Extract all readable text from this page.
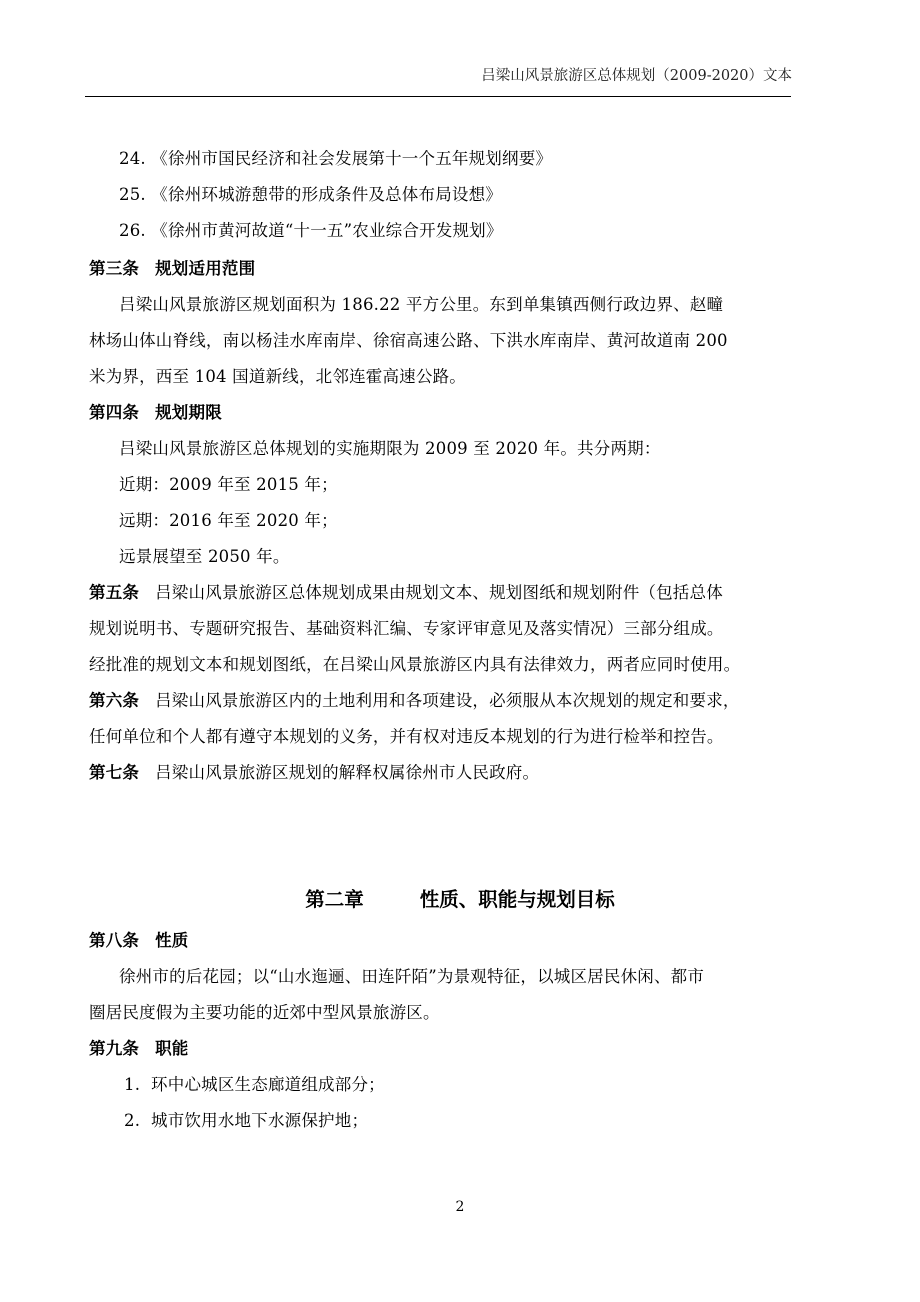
吕梁山风景旅游区总体规划（2009-2020）文本
24. 《徐州市国民经济和社会发展第十一个五年规划纲要》
25. 《徐州环城游憩带的形成条件及总体布局设想》
26. 《徐州市黄河故道“十一五”农业综合开发规划》
第三条 规划适用范围
吕梁山风景旅游区规划面积为 186.22 平方公里。东到单集镇西侧行政边界、赵疃
林场山体山脊线，南以杨洼水库南岸、徐宿高速公路、下洪水库南岸、黄河故道南 200
米为界，西至 104 国道新线，北邻连霍高速公路。
第四条 规划期限
吕梁山风景旅游区总体规划的实施期限为 2009 至 2020 年。共分两期：
近期：2009 年至 2015 年；
远期：2016 年至 2020 年；
远景展望至 2050 年。
第五条 吕梁山风景旅游区总体规划成果由规划文本、规划图纸和规划附件（包括总体
规划说明书、专题研究报告、基础资料汇编、专家评审意见及落实情况）三部分组成。
经批准的规划文本和规划图纸，在吕梁山风景旅游区内具有法律效力，两者应同时使用。
第六条 吕梁山风景旅游区内的土地利用和各项建设，必须服从本次规划的规定和要求，
任何单位和个人都有遵守本规划的义务，并有权对违反本规划的行为进行检举和控告。
第七条 吕梁山风景旅游区规划的解释权属徐州市人民政府。
第二章	性质、职能与规划目标
第八条 性质
徐州市的后花园；以“山水迤逦、田连阡陌”为景观特征，以城区居民休闲、都市
圈居民度假为主要功能的近郊中型风景旅游区。
第九条 职能
1. 环中心城区生态廊道组成部分；
2. 城市饮用水地下水源保护地；
2
